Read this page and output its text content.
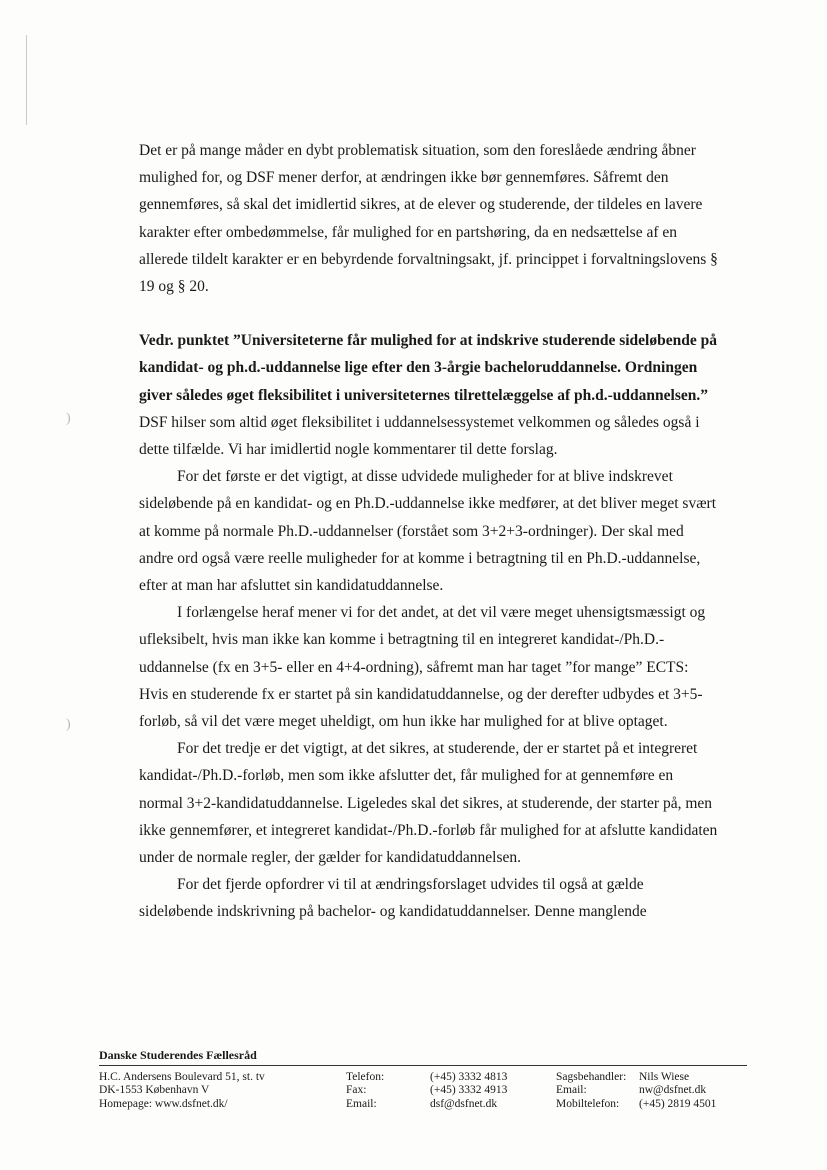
)
)

Det er på mange måder en dybt problematisk situation, som den foreslåede ændring åbner mulighed for, og DSF mener derfor, at ændringen ikke bør gennemføres. Såfremt den gennemføres, så skal det imidlertid sikres, at de elever og studerende, der tildeles en lavere karakter efter ombedømmelse, får mulighed for en partshøring, da en nedsættelse af en allerede tildelt karakter er en bebyrdende forvaltningsakt, jf. princippet i forvaltningslovens § 19 og § 20.

Vedr. punktet ”Universiteterne får mulighed for at indskrive studerende sideløbende på kandidat- og ph.d.-uddannelse lige efter den 3-årgie bacheloruddannelse. Ordningen giver således øget fleksibilitet i universiteternes tilrettelæggelse af ph.d.-uddannelsen.”

DSF hilser som altid øget fleksibilitet i uddannelsessystemet velkommen og således også i dette tilfælde. Vi har imidlertid nogle kommentarer til dette forslag.

For det første er det vigtigt, at disse udvidede muligheder for at blive indskrevet sideløbende på en kandidat- og en Ph.D.-uddannelse ikke medfører, at det bliver meget svært at komme på normale Ph.D.-uddannelser (forstået som 3+2+3-ordninger). Der skal med andre ord også være reelle muligheder for at komme i betragtning til en Ph.D.-uddannelse, efter at man har afsluttet sin kandidatuddannelse.

I forlængelse heraf mener vi for det andet, at det vil være meget uhensigtsmæssigt og ufleksibelt, hvis man ikke kan komme i betragtning til en integreret kandidat-/Ph.D.-uddannelse (fx en 3+5- eller en 4+4-ordning), såfremt man har taget ”for mange” ECTS: Hvis en studerende fx er startet på sin kandidatuddannelse, og der derefter udbydes et 3+5-forløb, så vil det være meget uheldigt, om hun ikke har mulighed for at blive optaget.

For det tredje er det vigtigt, at det sikres, at studerende, der er startet på et integreret kandidat-/Ph.D.-forløb, men som ikke afslutter det, får mulighed for at gennemføre en normal 3+2-kandidatuddannelse. Ligeledes skal det sikres, at studerende, der starter på, men ikke gennemfører, et integreret kandidat-/Ph.D.-forløb får mulighed for at afslutte kandidaten under de normale regler, der gælder for kandidatuddannelsen.

For det fjerde opfordrer vi til at ændringsforslaget udvides til også at gælde sideløbende indskrivning på bachelor- og kandidatuddannelser. Denne manglende

Danske Studerendes Fællesråd
H.C. Andersens Boulevard 51, st. tv	Telefon:	(+45) 3332 4813	Sagsbehandler: Nils Wiese
DK-1553 København V	Fax:	(+45) 3332 4913	Email:	nw@dsfnet.dk
Homepage: www.dsfnet.dk/	Email:	dsf@dsfnet.dk	Mobiltelefon: (+45) 2819 4501
